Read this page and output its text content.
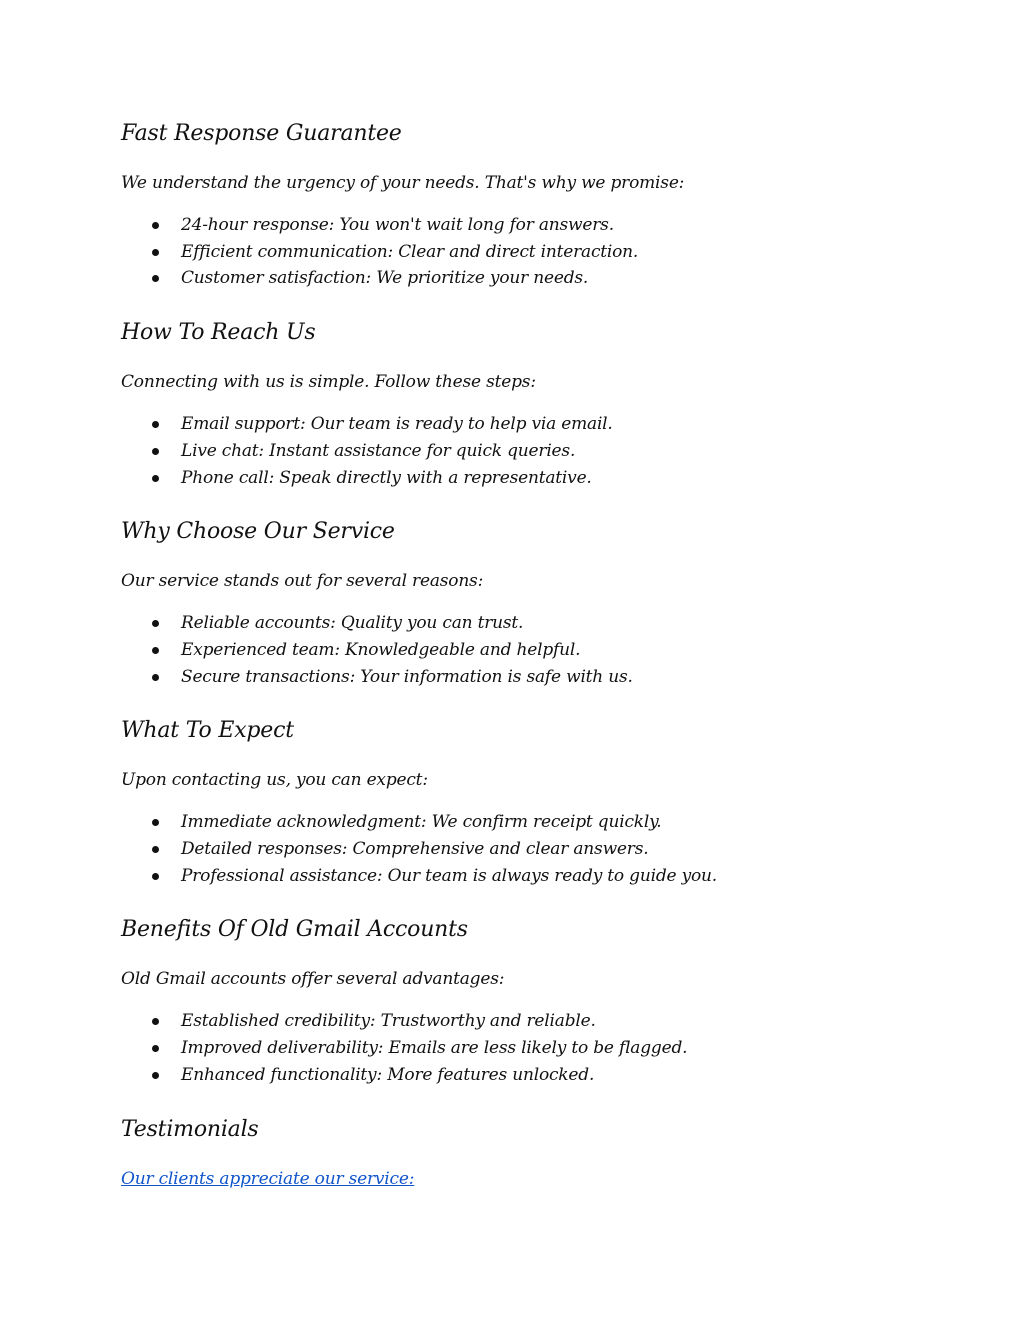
Fast Response Guarantee

We understand the urgency of your needs. That's why we promise:

24-hour response: You won't wait long for answers.
Efficient communication: Clear and direct interaction.
Customer satisfaction: We prioritize your needs.
How To Reach Us

Connecting with us is simple. Follow these steps:

Email support: Our team is ready to help via email.
Live chat: Instant assistance for quick queries.
Phone call: Speak directly with a representative.
Why Choose Our Service

Our service stands out for several reasons:

Reliable accounts: Quality you can trust.
Experienced team: Knowledgeable and helpful.
Secure transactions: Your information is safe with us.
What To Expect

Upon contacting us, you can expect:

Immediate acknowledgment: We confirm receipt quickly.
Detailed responses: Comprehensive and clear answers.
Professional assistance: Our team is always ready to guide you.
Benefits Of Old Gmail Accounts

Old Gmail accounts offer several advantages:

Established credibility: Trustworthy and reliable.
Improved deliverability: Emails are less likely to be flagged.
Enhanced functionality: More features unlocked.
Testimonials
Our clients appreciate our service:
